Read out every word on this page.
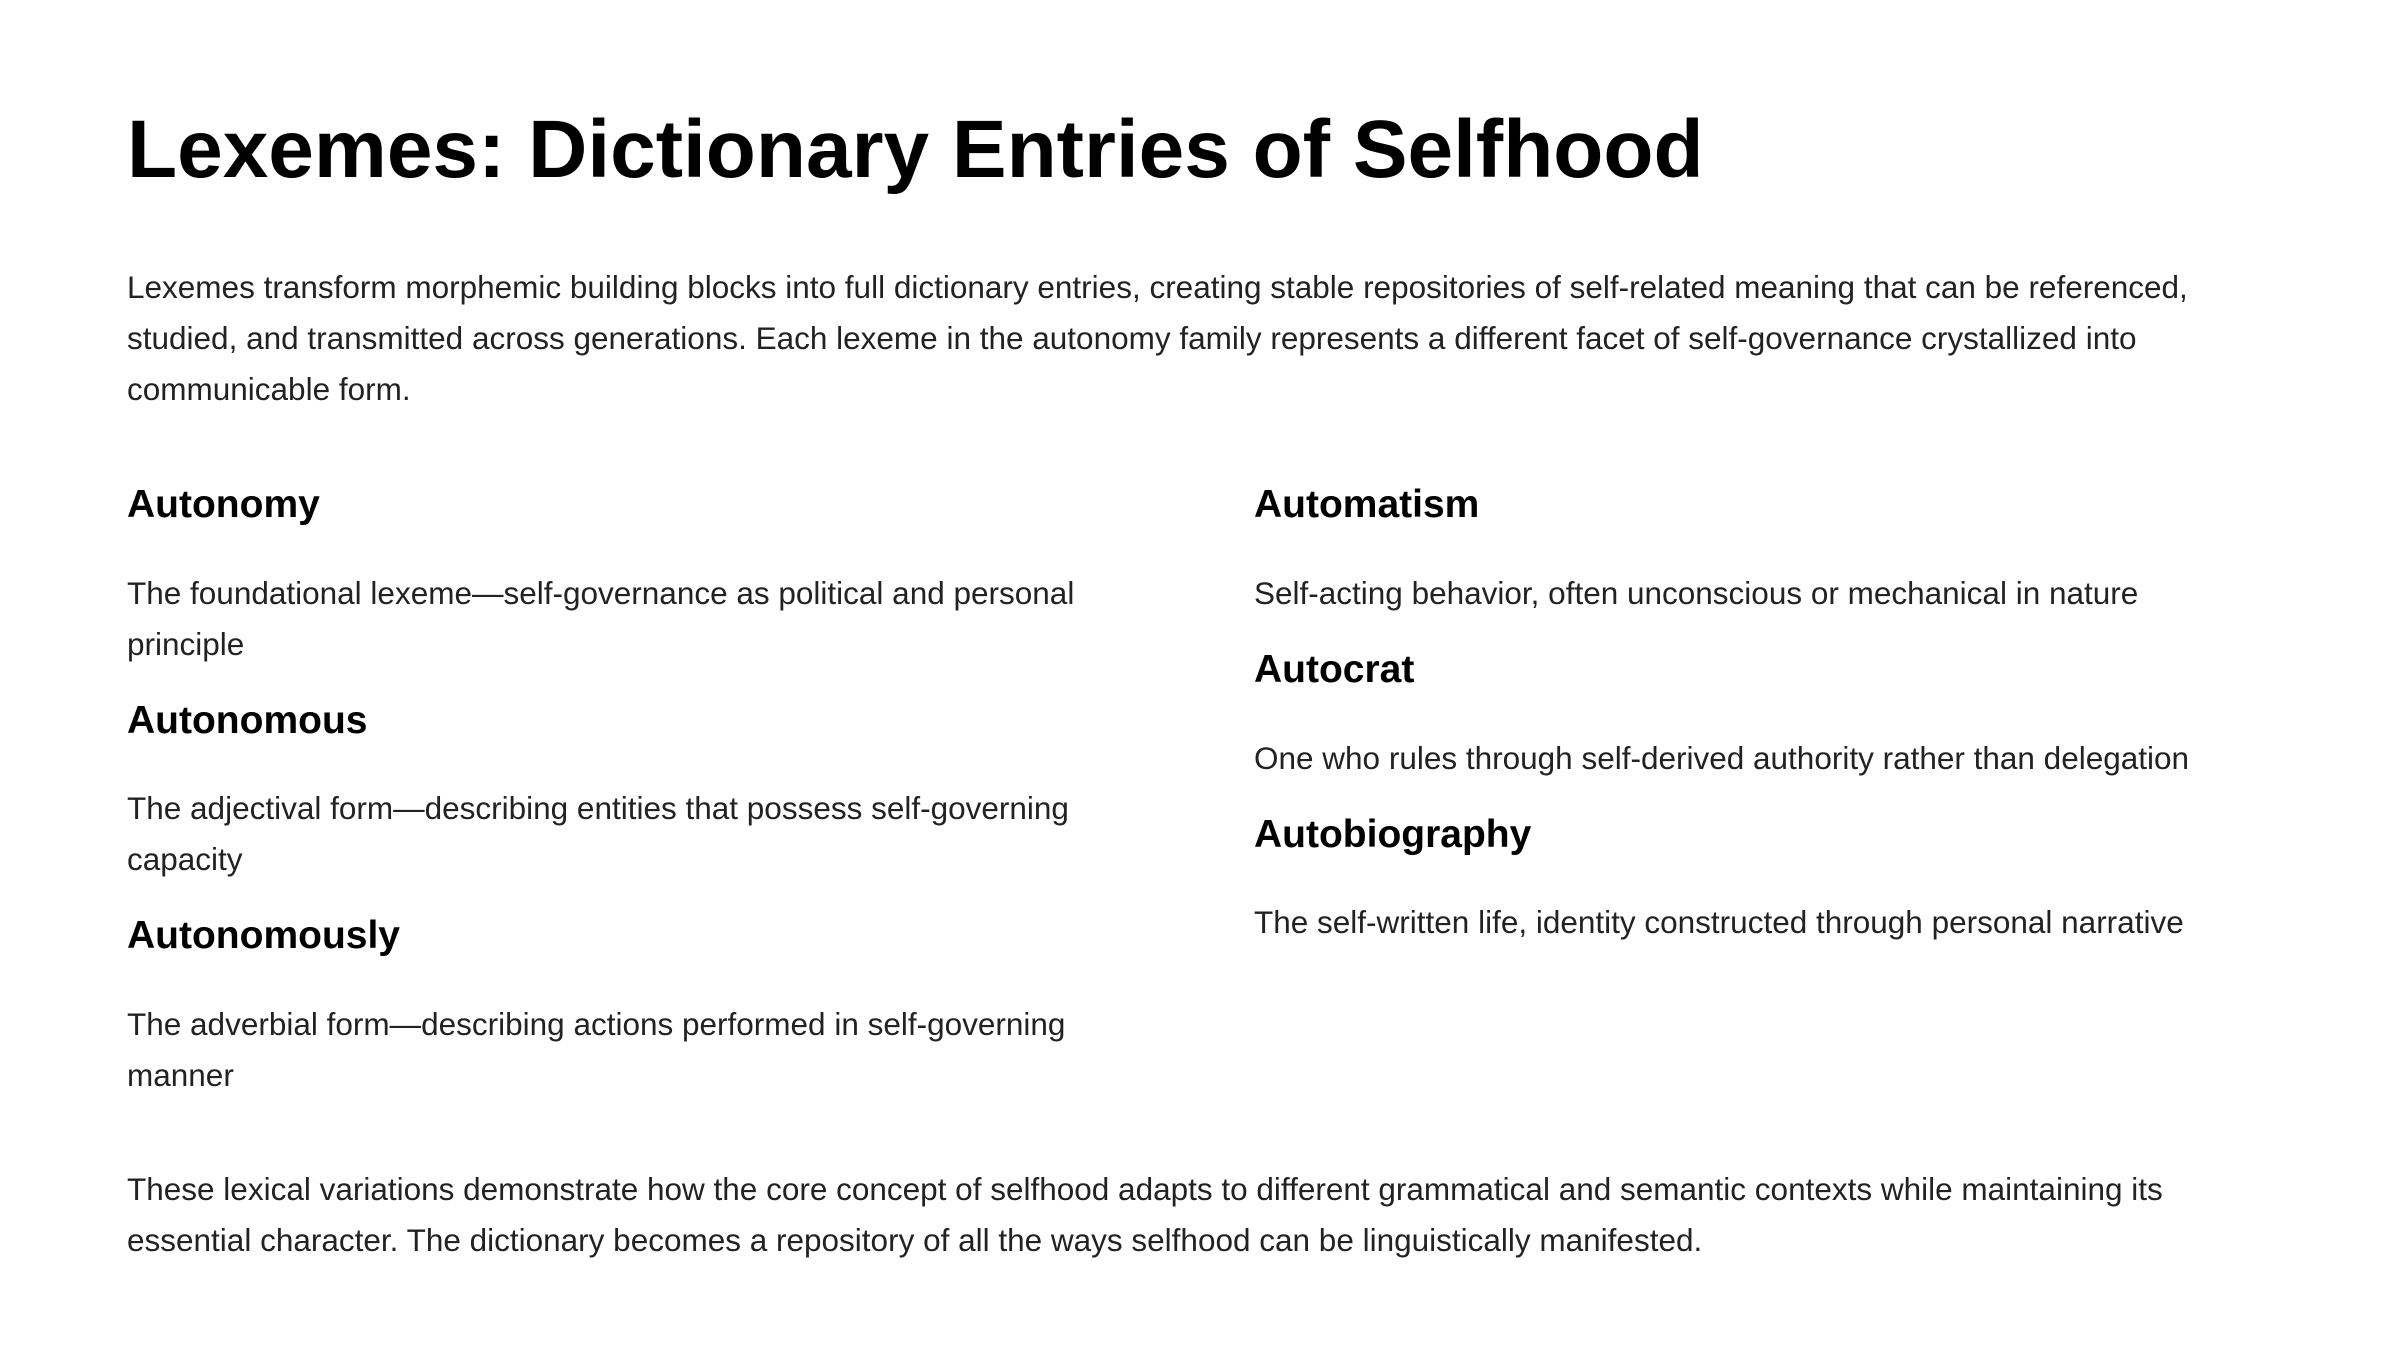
Lexemes: Dictionary Entries of Selfhood

Lexemes transform morphemic building blocks into full dictionary entries, creating stable repositories of self-related meaning that can be referenced, studied, and transmitted across generations. Each lexeme in the autonomy family represents a different facet of self-governance crystallized into communicable form.

Autonomy

The foundational lexeme—self-governance as political and personal principle

Autonomous

The adjectival form—describing entities that possess self-governing capacity

Autonomously

The adverbial form—describing actions performed in self-governing manner

Automatism

Self-acting behavior, often unconscious or mechanical in nature

Autocrat

One who rules through self-derived authority rather than delegation

Autobiography

The self-written life, identity constructed through personal narrative

These lexical variations demonstrate how the core concept of selfhood adapts to different grammatical and semantic contexts while maintaining its essential character. The dictionary becomes a repository of all the ways selfhood can be linguistically manifested.
